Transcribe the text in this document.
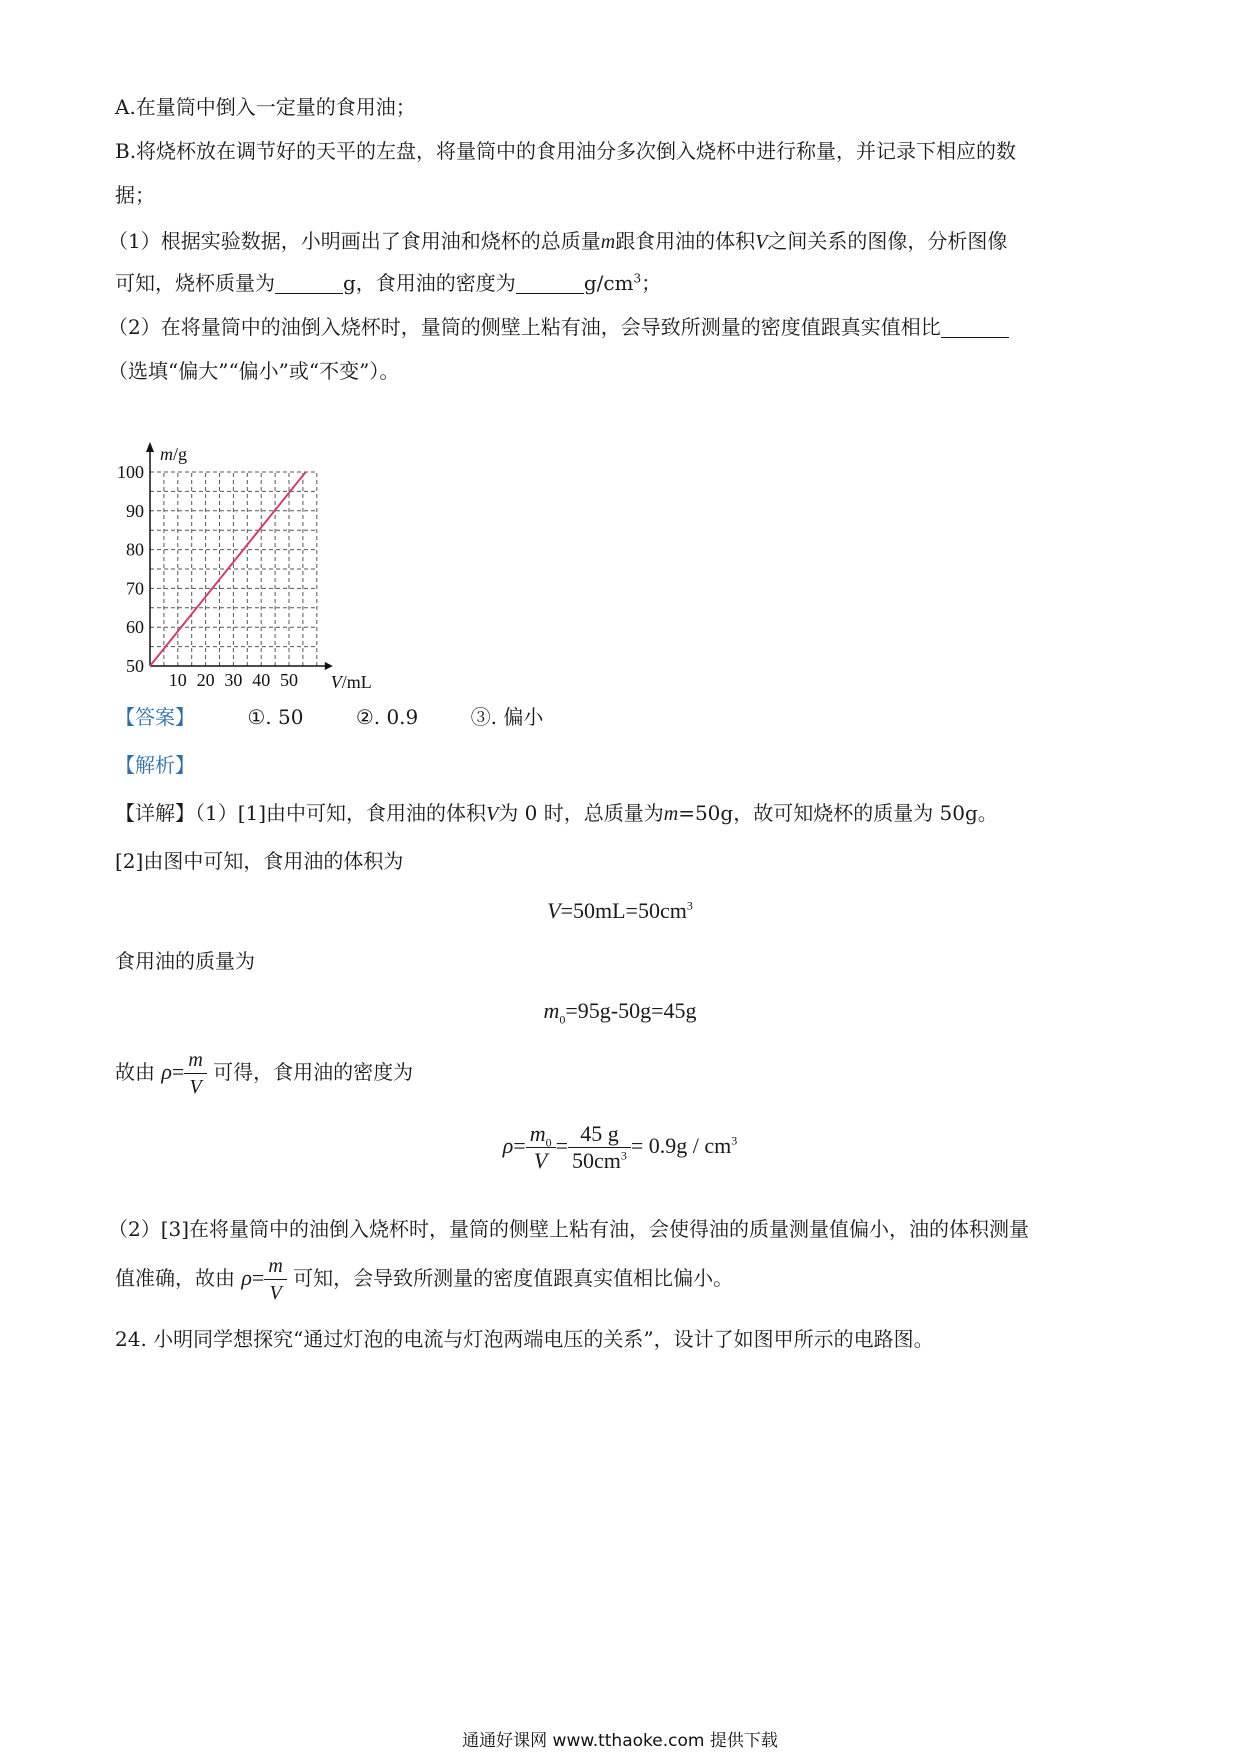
A.在量筒中倒入一定量的食用油；
B.将烧杯放在调节好的天平的左盘，将量筒中的食用油分多次倒入烧杯中进行称量，并记录下相应的数
据；
（1）根据实验数据，小明画出了食用油和烧杯的总质量m跟食用油的体积V之间关系的图像，分析图像
可知，烧杯质量为	g，食用油的密度为	$g/cm^3$；
（2）在将量筒中的油倒入烧杯时，量筒的侧壁上粘有油，会导致所测量的密度值跟真实值相比
（选填“偏大”“偏小”或“不变”）。
50
60
70
80
90
100
10 20 30 40 50
m/g
V/mL
【答案】	①. 50	②. 0.9	③. 偏小
【解析】
【详解】（1）[1]由中可知，食用油的体积V为 0 时，总质量为m=50g，故可知烧杯的质量为 50g。
[2]由图中可知，食用油的体积为
$V=50mL=50cm^3$
食用油的质量为
$m_0=95g-50g=45g$
故由 $\rho= \frac{m}{V}$ 可得，食用油的密度为
$\rho= \frac{m_0}{V} = \frac{45 g}{50cm^3} = 0.9g / cm^3$
（2）[3]在将量筒中的油倒入烧杯时，量筒的侧壁上粘有油，会使得油的质量测量值偏小，油的体积测量
值准确，故由 $\rho= \frac{m}{V}$ 可知，会导致所测量的密度值跟真实值相比偏小。
24. 小明同学想探究“通过灯泡的电流与灯泡两端电压的关系”，设计了如图甲所示的电路图。
通通好课网 www.tthaoke.com 提供下载
